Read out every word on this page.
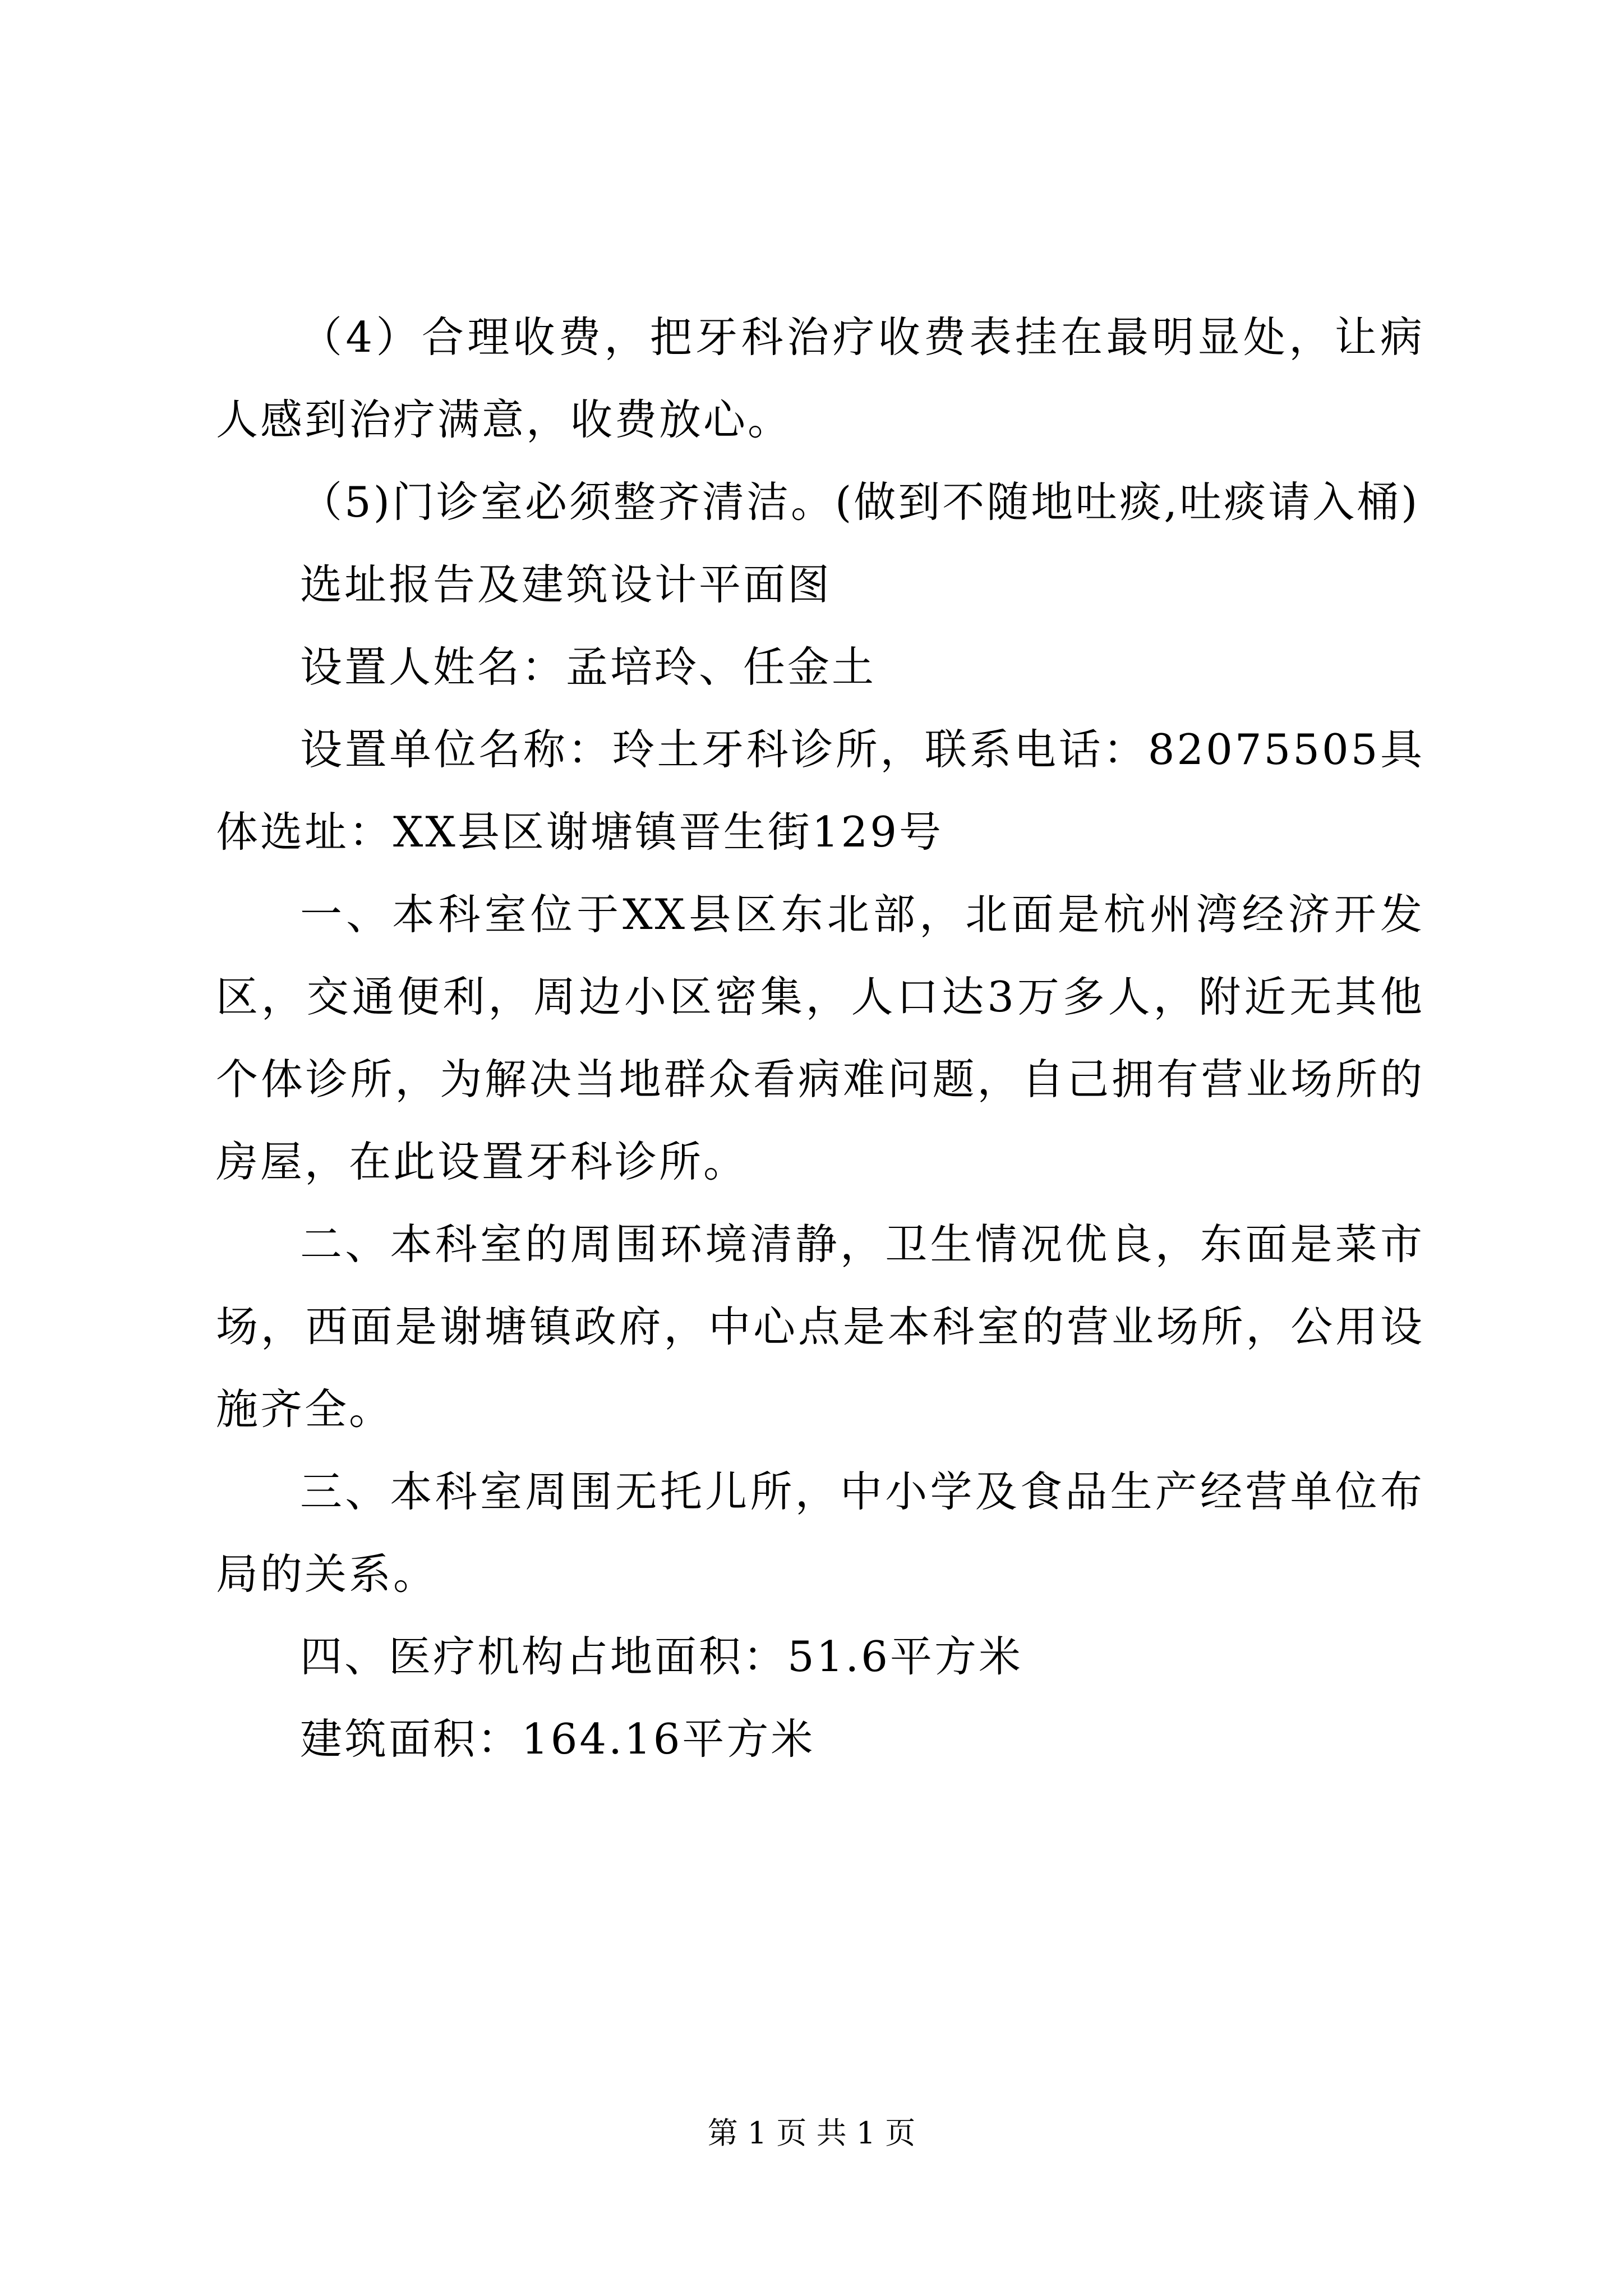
（4）合理收费，把牙科治疗收费表挂在最明显处，让病人感到治疗满意，收费放心。

（5)门诊室必须整齐清洁。(做到不随地吐痰,吐痰请入桶)

选址报告及建筑设计平面图

设置人姓名：孟培玲、任金土

设置单位名称：玲土牙科诊所，联系电话：82075505具体选址：XX县区谢塘镇晋生街129号

一、本科室位于XX县区东北部，北面是杭州湾经济开发区，交通便利，周边小区密集，人口达3万多人，附近无其他个体诊所，为解决当地群众看病难问题，自己拥有营业场所的房屋，在此设置牙科诊所。

二、本科室的周围环境清静，卫生情况优良，东面是菜市场，西面是谢塘镇政府，中心点是本科室的营业场所，公用设施齐全。

三、本科室周围无托儿所，中小学及食品生产经营单位布局的关系。

四、医疗机构占地面积：51.6平方米

建筑面积：164.16平方米

第 1 页 共 1 页
